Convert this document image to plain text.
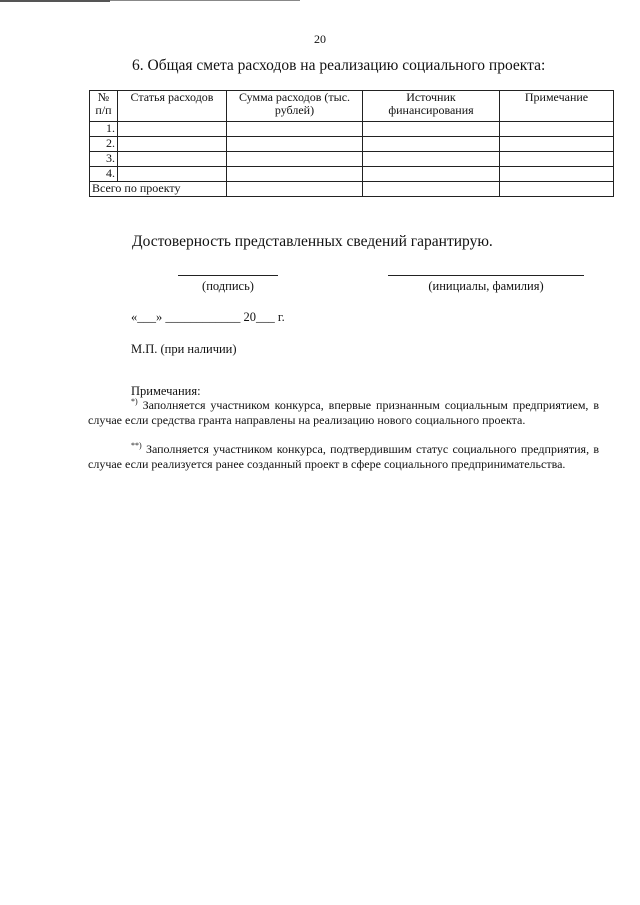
20
6. Общая смета расходов на реализацию социального проекта:
№ п/п	Статья расходов	Сумма расходов (тыс. рублей)	Источник финансирования	Примечание
1.				
2.				
3.				
4.				
Всего по проекту				
Достоверность представленных сведений гарантирую.
(подпись)	(инициалы, фамилия)
«___» ____________ 20___ г.
М.П. (при наличии)
Примечания:
*) Заполняется участником конкурса, впервые признанным социальным предприятием, в случае если средства гранта направлены на реализацию нового социального проекта.
**) Заполняется участником конкурса, подтвердившим статус социального предприятия, в случае если реализуется ранее созданный проект в сфере социального предпринимательства.
